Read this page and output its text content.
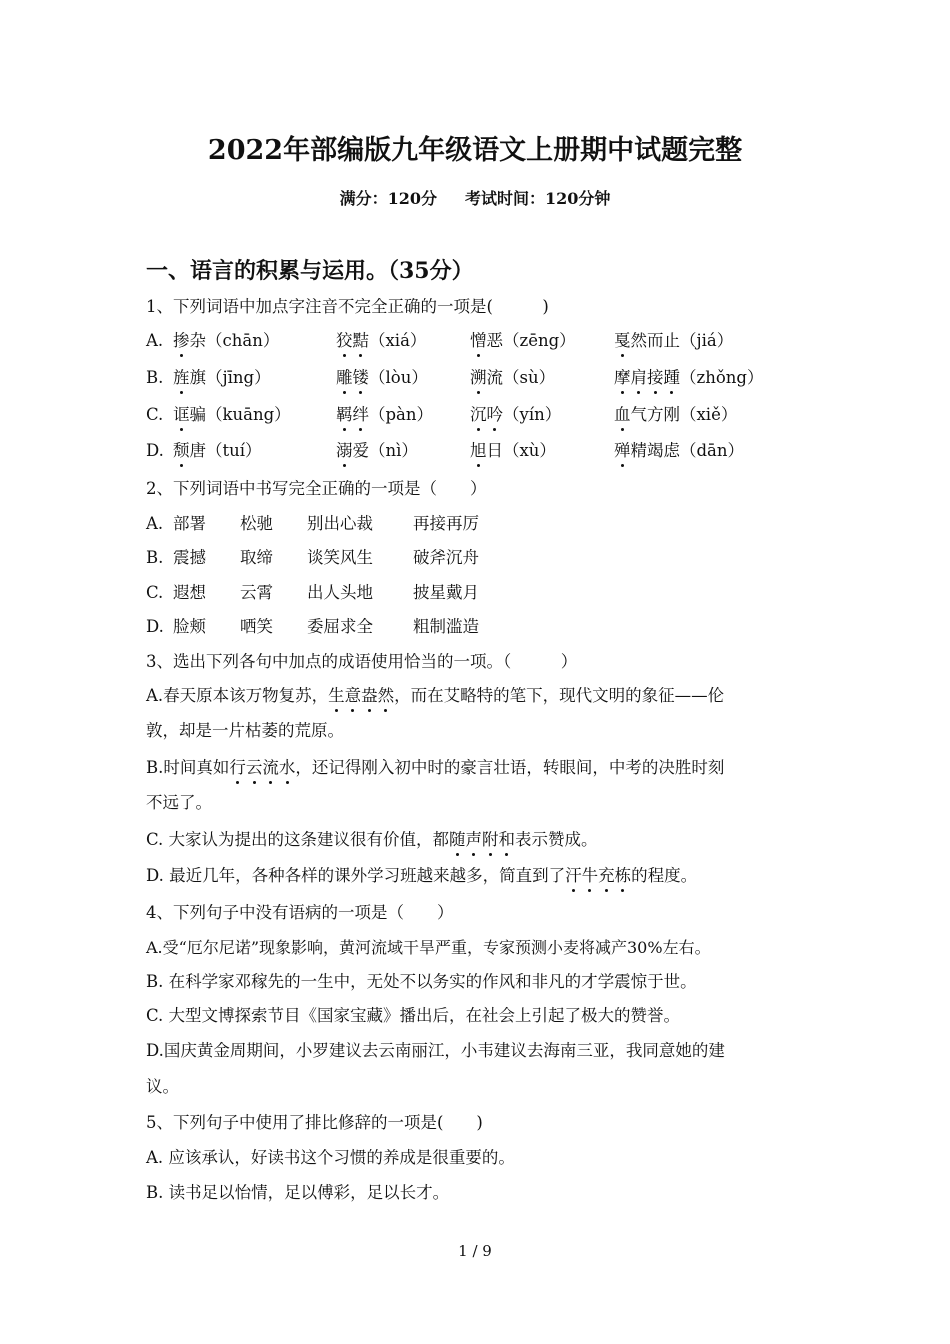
2022年部编版九年级语文上册期中试题完整
满分：120分 考试时间：120分钟
一、语言的积累与运用。（35分）
1、下列词语中加点字注音不完全正确的一项是(　　　)
A. 掺杂（chān）	狡黠（xiá）	憎恶（zēng） 戛然而止（jiá）
B. 旌旗（jīng）	雕镂（lòu）	溯流（sù）	摩肩接踵（zhǒng）
C. 诓骗（kuāng）	羁绊（pàn） 沉吟（yín）	血气方刚（xiě）
D. 颓唐（tuí）	溺爱（nì）	旭日（xù）	殚精竭虑（dān）
2、下列词语中书写完全正确的一项是（　　）
A. 部署 松驰 别出心裁 再接再厉
B. 震撼 取缔 谈笑风生 破斧沉舟
C. 遐想 云霄 出人头地 披星戴月
D. 脸颊 哂笑 委屈求全 粗制滥造
3、选出下列各句中加点的成语使用恰当的一项。（　　　）
A.春天原本该万物复苏，生意盎然，而在艾略特的笔下，现代文明的象征——伦
敦，却是一片枯萎的荒原。
B.时间真如行云流水，还记得刚入初中时的豪言壮语，转眼间，中考的决胜时刻
不远了。
C. 大家认为提出的这条建议很有价值，都随声附和表示赞成。
D. 最近几年，各种各样的课外学习班越来越多，简直到了汗牛充栋的程度。
4、下列句子中没有语病的一项是（　　）
A.受“厄尔尼诺”现象影响，黄河流域干旱严重，专家预测小麦将减产30%左右。
B. 在科学家邓稼先的一生中，无处不以务实的作风和非凡的才学震惊于世。
C. 大型文博探索节目《国家宝藏》播出后，在社会上引起了极大的赞誉。
D.国庆黄金周期间，小罗建议去云南丽江，小韦建议去海南三亚，我同意她的建
议。
5、下列句子中使用了排比修辞的一项是(　　)
A. 应该承认，好读书这个习惯的养成是很重要的。
B. 读书足以怡情，足以傅彩，足以长才。
1 / 9
